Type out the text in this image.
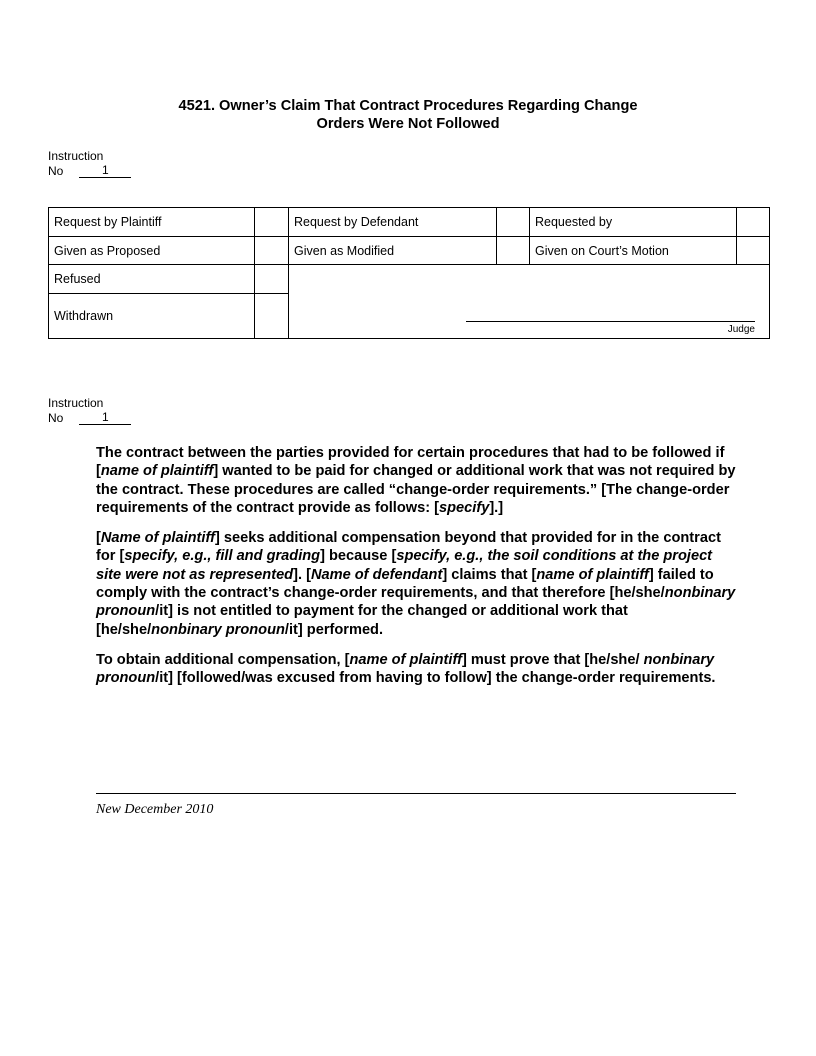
4521. Owner’s Claim That Contract Procedures Regarding Change
Orders Were Not Followed
Instruction
No	1
Request by Plaintiff		Request by Defendant		Requested by	
Given as Proposed		Given as Modified		Given on Court’s Motion	
Refused		Judge			

Withdrawn					
Instruction
No	1

The contract between the parties provided for certain procedures that had to be followed if [name of plaintiff] wanted to be paid for changed or additional work that was not required by the contract. These procedures are called “change-order requirements.” [The change-order requirements of the contract provide as follows: [specify].]

[Name of plaintiff] seeks additional compensation beyond that provided for in the contract for [specify, e.g., fill and grading] because [specify, e.g., the soil conditions at the project site were not as represented]. [Name of defendant] claims that [name of plaintiff] failed to comply with the contract’s change-order requirements, and that therefore [he/she/nonbinary pronoun/it] is not entitled to payment for the changed or additional work that [he/she/nonbinary pronoun/it] performed.

To obtain additional compensation, [name of plaintiff] must prove that [he/she/ nonbinary pronoun/it] [followed/was excused from having to follow] the change-order requirements.

New December 2010
